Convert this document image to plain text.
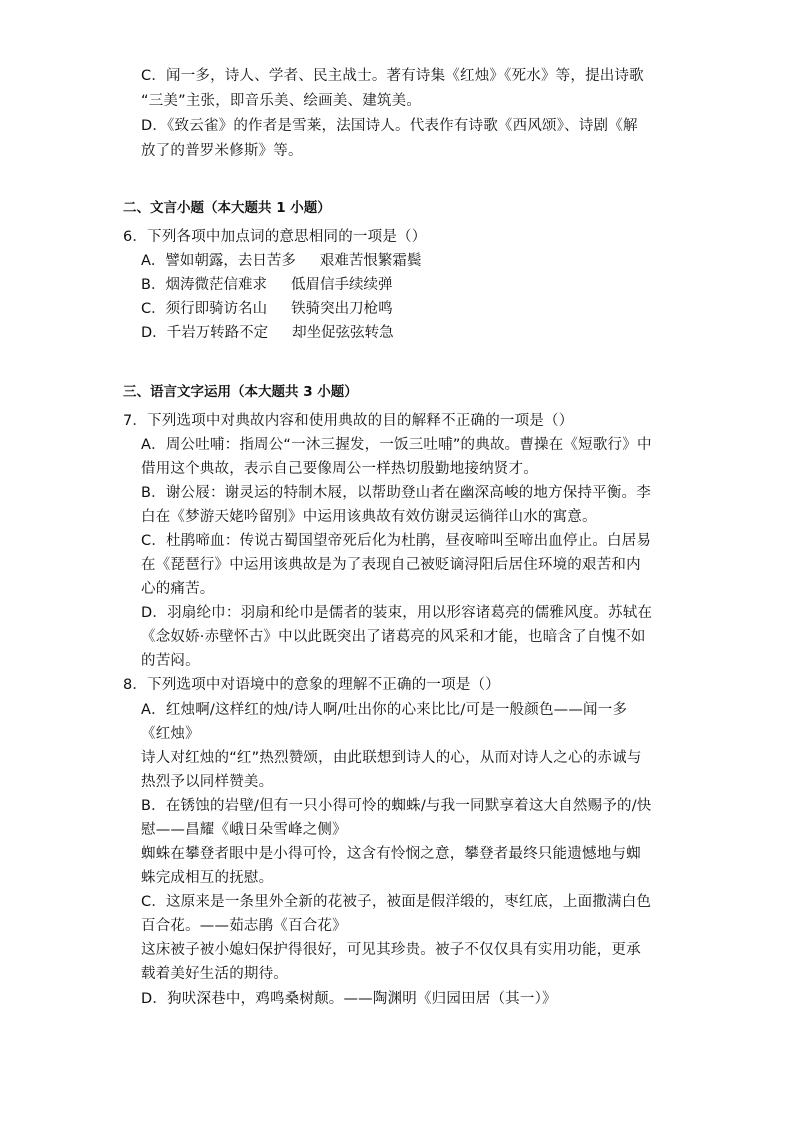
C．闻一多，诗人、学者、民主战士。著有诗集《红烛》《死水》等，提出诗歌
“三美”主张，即音乐美、绘画美、建筑美。
D．《致云雀》的作者是雪莱，法国诗人。代表作有诗歌《西风颂》、诗剧《解
放了的普罗米修斯》等。
二、文言小题（本大题共 1 小题）
6．下列各项中加点词的意思相同的一项是（）
A．譬如朝露，去日苦多 艰难苦恨繁霜鬓
B．烟涛微茫信难求 低眉信手续续弹
C．须行即骑访名山 铁骑突出刀枪鸣
D．千岩万转路不定 却坐促弦弦转急
三、语言文字运用（本大题共 3 小题）
7．下列选项中对典故内容和使用典故的目的解释不正确的一项是（）
A．周公吐哺：指周公“一沐三握发，一饭三吐哺”的典故。曹操在《短歌行》中
借用这个典故，表示自己要像周公一样热切殷勤地接纳贤才。
B．谢公屐：谢灵运的特制木屐，以帮助登山者在幽深高峻的地方保持平衡。李
白在《梦游天姥吟留别》中运用该典故有效仿谢灵运徜徉山水的寓意。
C．杜鹃啼血：传说古蜀国望帝死后化为杜鹃，昼夜啼叫至啼出血停止。白居易
在《琵琶行》中运用该典故是为了表现自己被贬谪浔阳后居住环境的艰苦和内
心的痛苦。
D．羽扇纶巾：羽扇和纶巾是儒者的装束，用以形容诸葛亮的儒雅风度。苏轼在
《念奴娇·赤壁怀古》中以此既突出了诸葛亮的风采和才能，也暗含了自愧不如
的苦闷。
8．下列选项中对语境中的意象的理解不正确的一项是（）
A．红烛啊/这样红的烛/诗人啊/吐出你的心来比比/可是一般颜色——闻一多
《红烛》
诗人对红烛的“红”热烈赞颂，由此联想到诗人的心，从而对诗人之心的赤诚与
热烈予以同样赞美。
B．在锈蚀的岩壁/但有一只小得可怜的蜘蛛/与我一同默享着这大自然赐予的/快
慰——昌耀《峨日朵雪峰之侧》
蜘蛛在攀登者眼中是小得可怜，这含有怜悯之意，攀登者最终只能遗憾地与蜘
蛛完成相互的抚慰。
C．这原来是一条里外全新的花被子，被面是假洋缎的，枣红底，上面撒满白色
百合花。——茹志鹃《百合花》
这床被子被小媳妇保护得很好，可见其珍贵。被子不仅仅具有实用功能，更承
载着美好生活的期待。
D．狗吠深巷中，鸡鸣桑树颠。——陶渊明《归园田居（其一）》
